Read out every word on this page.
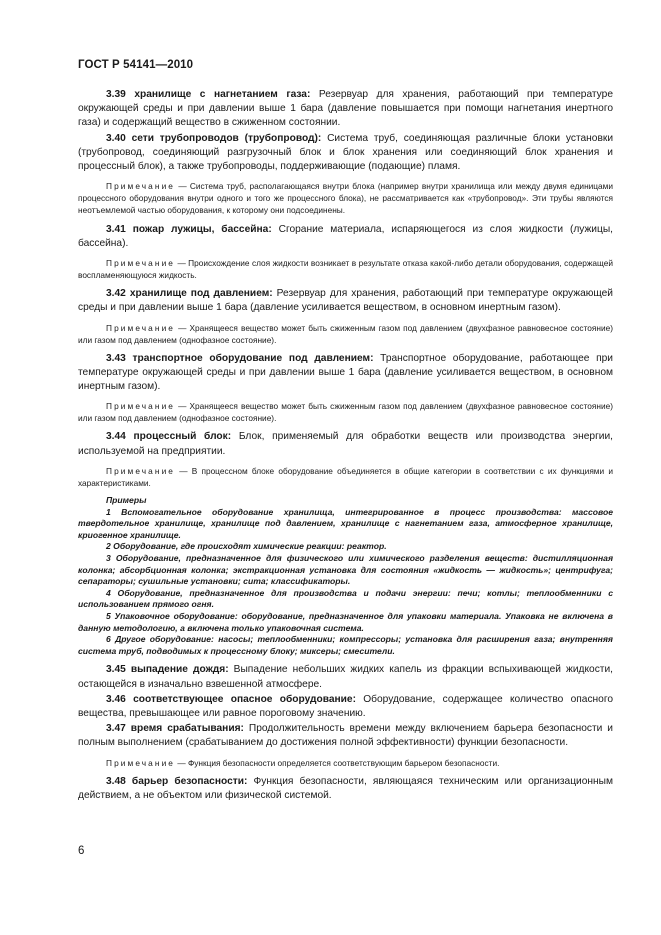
ГОСТ Р 54141—2010

3.39 хранилище с нагнетанием газа: Резервуар для хранения, работающий при температуре окружающей среды и при давлении выше 1 бара (давление повышается при помощи нагнетания инертного газа) и содержащий вещество в сжиженном состоянии.

3.40 сети трубопроводов (трубопровод): Система труб, соединяющая различные блоки установки (трубопровод, соединяющий разгрузочный блок и блок хранения или соединяющий блок хранения и процессный блок), а также трубопроводы, поддерживающие (подающие) пламя.

Примечание — Система труб, располагающаяся внутри блока (например внутри хранилища или между двумя единицами процессного оборудования внутри одного и того же процессного блока), не рассматривается как «трубопровод». Эти трубы являются неотъемлемой частью оборудования, к которому они подсоединены.

3.41 пожар лужицы, бассейна: Сгорание материала, испаряющегося из слоя жидкости (лужицы, бассейна).

Примечание — Происхождение слоя жидкости возникает в результате отказа какой-либо детали оборудования, содержащей воспламеняющуюся жидкость.

3.42 хранилище под давлением: Резервуар для хранения, работающий при температуре окружающей среды и при давлении выше 1 бара (давление усиливается веществом, в основном инертным газом).

Примечание — Хранящееся вещество может быть сжиженным газом под давлением (двухфазное равновесное состояние) или газом под давлением (однофазное состояние).

3.43 транспортное оборудование под давлением: Транспортное оборудование, работающее при температуре окружающей среды и при давлении выше 1 бара (давление усиливается веществом, в основном инертным газом).

Примечание — Хранящееся вещество может быть сжиженным газом под давлением (двухфазное равновесное состояние) или газом под давлением (однофазное состояние).

3.44 процессный блок: Блок, применяемый для обработки веществ или производства энергии, используемой на предприятии.

Примечание — В процессном блоке оборудование объединяется в общие категории в соответствии с их функциями и характеристиками.

Примеры

1 Вспомогательное оборудование хранилища, интегрированное в процесс производства: массовое твердотельное хранилище, хранилище под давлением, хранилище с нагнетанием газа, атмосферное хранилище, криогенное хранилище.

2 Оборудование, где происходят химические реакции: реактор.

3 Оборудование, предназначенное для физического или химического разделения веществ: дистилляционная колонка; абсорбционная колонка; экстракционная установка для состояния «жидкость — жидкость»; центрифуга; сепараторы; сушильные установки; сита; классификаторы.

4 Оборудование, предназначенное для производства и подачи энергии: печи; котлы; теплообменники с использованием прямого огня.

5 Упаковочное оборудование: оборудование, предназначенное для упаковки материала. Упаковка не включена в данную методологию, а включена только упаковочная система.

6 Другое оборудование: насосы; теплообменники; компрессоры; установка для расширения газа; внутренняя система труб, подводимых к процессному блоку; миксеры; смесители.

3.45 выпадение дождя: Выпадение небольших жидких капель из фракции вспыхивающей жидкости, остающейся в изначально взвешенной атмосфере.

3.46 соответствующее опасное оборудование: Оборудование, содержащее количество опасного вещества, превышающее или равное пороговому значению.

3.47 время срабатывания: Продолжительность времени между включением барьера безопасности и полным выполнением (срабатыванием до достижения полной эффективности) функции безопасности.

Примечание — Функция безопасности определяется соответствующим барьером безопасности.

3.48 барьер безопасности: Функция безопасности, являющаяся техническим или организационным действием, а не объектом или физической системой.

6
